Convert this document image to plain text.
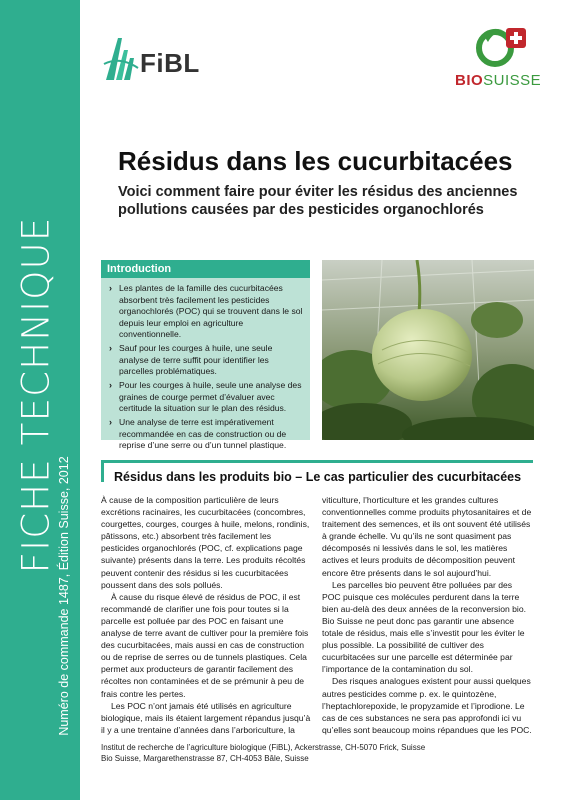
FICHE TECHNIQUE
Numéro de commande 1487, Édition Suisse, 2012
FiBL
BIOSUISSE
Résidus dans les cucurbitacées
Voici comment faire pour éviter les résidus des anciennes pollutions causées par des pesticides organochlorés
Introduction
› Les plantes de la famille des cucurbitacées absorbent très facilement les pesticides organochlorés (POC) qui se trouvent dans le sol depuis leur emploi en agriculture conventionnelle.
› Sauf pour les courges à huile, une seule analyse de terre suffit pour identifier les parcelles problématiques.
› Pour les courges à huile, seule une analyse des graines de courge permet d’évaluer avec certitude la situation sur le plan des résidus.
› Une analyse de terre est impérativement recommandée en cas de construction ou de reprise d’une serre ou d’un tunnel plastique.
Résidus dans les produits bio – Le cas particulier des cucurbitacées

À cause de la composition particulière de leurs excrétions racinaires, les cucurbitacées (concombres, courgettes, courges, courges à huile, melons, rondinis, pâtissons, etc.) absorbent très facilement les pesticides organochlorés (POC, cf. explications page suivante) présents dans la terre. Les produits récoltés peuvent contenir des résidus si les cucurbitacées poussent dans des sols pollués.

À cause du risque élevé de résidus de POC, il est recommandé de clarifier une fois pour toutes si la parcelle est polluée par des POC en faisant une analyse de terre avant de cultiver pour la première fois des cucurbitacées, mais aussi en cas de construction ou de reprise de serres ou de tunnels plastiques. Cela permet aux producteurs de garantir facilement des récoltes non contaminées et de se prémunir à peu de frais contre les pertes.

Les POC n’ont jamais été utilisés en agriculture biologique, mais ils étaient largement répandus jusqu’à il y a une trentaine d’années dans l’arboriculture, la

viticulture, l’horticulture et les grandes cultures conventionnelles comme produits phytosanitaires et de traitement des semences, et ils ont souvent été utilisés à grande échelle. Vu qu’ils ne sont quasiment pas décomposés ni lessivés dans le sol, les matières actives et leurs produits de décomposition peuvent encore être présents dans le sol aujourd’hui.

Les parcelles bio peuvent être polluées par des POC puisque ces molécules perdurent dans la terre bien au-delà des deux années de la reconversion bio. Bio Suisse ne peut donc pas garantir une absence totale de résidus, mais elle s’investit pour les éviter le plus possible. La possibilité de cultiver des cucurbitacées sur une parcelle est déterminée par l’importance de la contamination du sol.

Des risques analogues existent pour aussi quelques autres pesticides comme p. ex. le quintozène, l’heptachlorepoxide, le propyzamide et l’iprodione. Le cas de ces substances ne sera pas approfondi ici vu qu’elles sont beaucoup moins répandues que les POC.

Institut de recherche de l’agriculture biologique (FiBL), Ackerstrasse, CH-5070 Frick, Suisse
Bio Suisse, Margarethenstrasse 87, CH-4053 Bâle, Suisse
